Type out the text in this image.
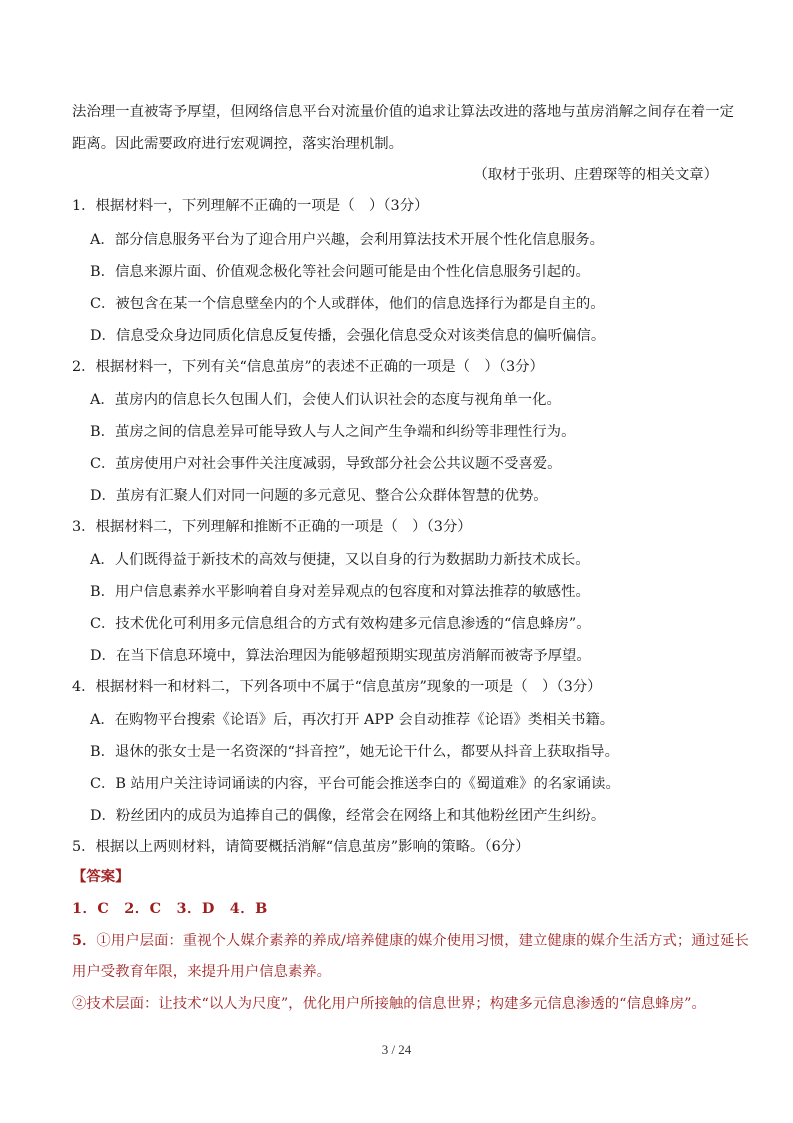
法治理一直被寄予厚望，但网络信息平台对流量价值的追求让算法改进的落地与茧房消解之间存在着一定
距离。因此需要政府进行宏观调控，落实治理机制。
（取材于张玥、庄碧琛等的相关文章）
1．根据材料一，下列理解不正确的一项是（　）（3分）
A．部分信息服务平台为了迎合用户兴趣，会利用算法技术开展个性化信息服务。
B．信息来源片面、价值观念极化等社会问题可能是由个性化信息服务引起的。
C．被包含在某一个信息壁垒内的个人或群体，他们的信息选择行为都是自主的。
D．信息受众身边同质化信息反复传播，会强化信息受众对该类信息的偏听偏信。
2．根据材料一，下列有关“信息茧房”的表述不正确的一项是（　）（3分）
A．茧房内的信息长久包围人们，会使人们认识社会的态度与视角单一化。
B．茧房之间的信息差异可能导致人与人之间产生争端和纠纷等非理性行为。
C．茧房使用户对社会事件关注度减弱，导致部分社会公共议题不受喜爱。
D．茧房有汇聚人们对同一问题的多元意见、整合公众群体智慧的优势。
3．根据材料二，下列理解和推断不正确的一项是（　）（3分）
A．人们既得益于新技术的高效与便捷，又以自身的行为数据助力新技术成长。
B．用户信息素养水平影响着自身对差异观点的包容度和对算法推荐的敏感性。
C．技术优化可利用多元信息组合的方式有效构建多元信息渗透的“信息蜂房”。
D．在当下信息环境中，算法治理因为能够超预期实现茧房消解而被寄予厚望。
4．根据材料一和材料二，下列各项中不属于“信息茧房”现象的一项是（　）（3分）
A．在购物平台搜索《论语》后，再次打开 APP 会自动推荐《论语》类相关书籍。
B．退休的张女士是一名资深的“抖音控”，她无论干什么，都要从抖音上获取指导。
C．B 站用户关注诗词诵读的内容，平台可能会推送李白的《蜀道难》的名家诵读。
D．粉丝团内的成员为追捧自己的偶像，经常会在网络上和其他粉丝团产生纠纷。
5．根据以上两则材料，请简要概括消解“信息茧房”影响的策略。（6分）
【答案】
1．C　2．C　3．D　4．B
5．①用户层面：重视个人媒介素养的养成/培养健康的媒介使用习惯，建立健康的媒介生活方式；通过延长
用户受教育年限，来提升用户信息素养。
②技术层面：让技术“以人为尺度”，优化用户所接触的信息世界；构建多元信息渗透的“信息蜂房”。
3 / 24
